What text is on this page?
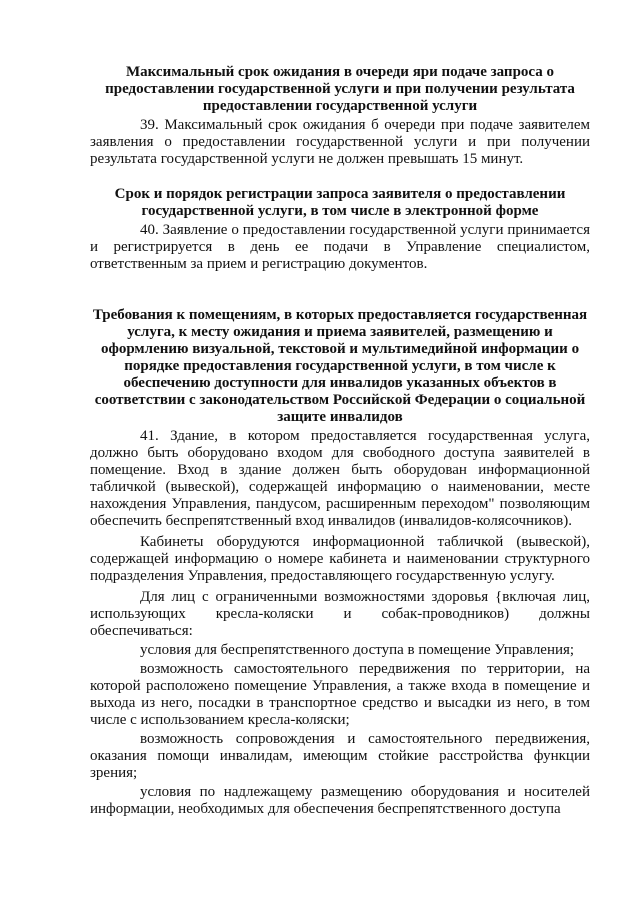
Максимальный срок ожидания в очереди яри подаче запроса о предоставлении государственной услуги и при получении результата предоставлении государственной услуги

39. Максимальный срок ожидания б очереди при подаче заявителем заявления о предоставлении государственной услуги и при получении результата государственной услуги не должен превышать 15 минут.

Срок и порядок регистрации запроса заявителя о предоставлении государственной услуги, в том числе в электронной форме

40. Заявление о предоставлении государственной услуги принимается и регистрируется в день ее подачи в Управление специалистом, ответственным за прием и регистрацию документов.

Требования к помещениям, в которых предоставляется государственная услуга, к месту ожидания и приема заявителей, размещению и оформлению визуальной, текстовой и мультимедийной информации о порядке предоставления государственной услуги, в том числе к обеспечению доступности для инвалидов указанных объектов в соответствии с законодательством Российской Федерации о социальной защите инвалидов

41. Здание, в котором предоставляется государственная услуга, должно быть оборудовано входом для свободного доступа заявителей в помещение. Вход в здание должен быть оборудован информационной табличкой (вывеской), содержащей информацию о наименовании, месте нахождения Управления, пандусом, расширенным переходом" позволяющим обеспечить беспрепятственный вход инвалидов (инвалидов-колясочников).

Кабинеты оборудуются информационной табличкой (вывеской), содержащей информацию о номере кабинета и наименовании структурного подразделения Управления, предоставляющего государственную услугу.

Для лиц с ограниченными возможностями здоровья {включая лиц, использующих кресла-коляски и собак-проводников) должны обеспечиваться:

условия для беспрепятственного доступа в помещение Управления;

возможность самостоятельного передвижения по территории, на которой расположено помещение Управления, а также входа в помещение и выхода из него, посадки в транспортное средство и высадки из него, в том числе с использованием кресла-коляски;

возможность сопровождения и самостоятельного передвижения, оказания помощи инвалидам, имеющим стойкие расстройства функции зрения;

условия по надлежащему размещению оборудования и носителей информации, необходимых для обеспечения беспрепятственного доступа
